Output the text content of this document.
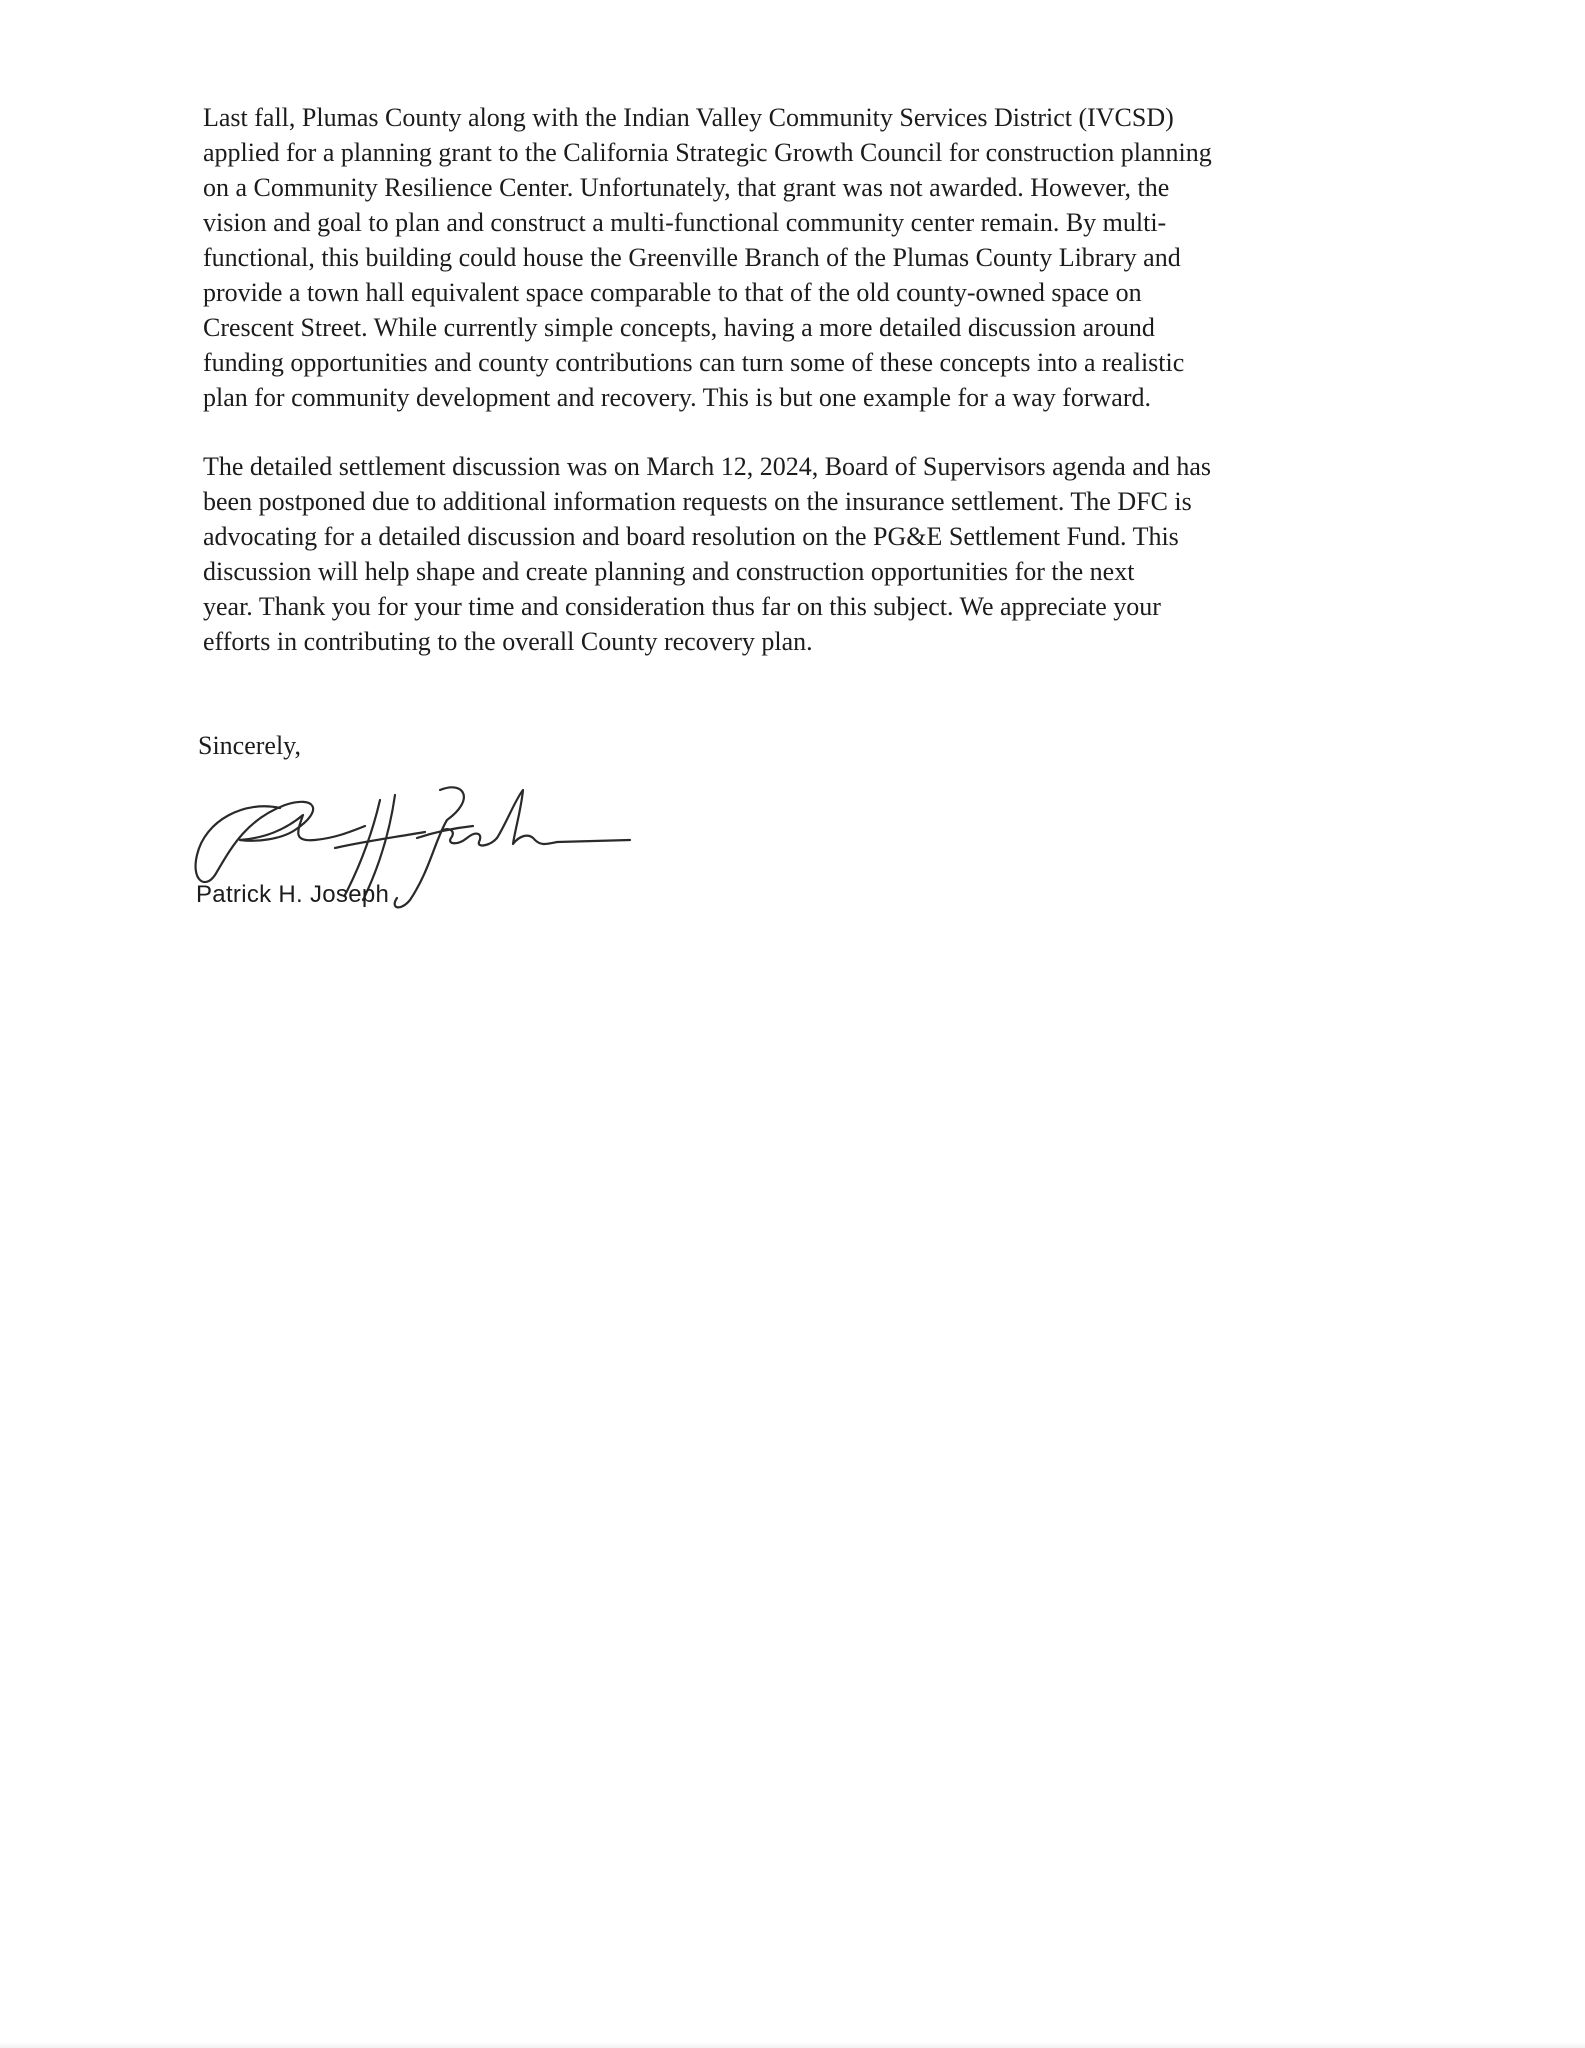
Last fall, Plumas County along with the Indian Valley Community Services District (IVCSD)
applied for a planning grant to the California Strategic Growth Council for construction planning
on a Community Resilience Center. Unfortunately, that grant was not awarded. However, the
vision and goal to plan and construct a multi-functional community center remain. By multi-
functional, this building could house the Greenville Branch of the Plumas County Library and
provide a town hall equivalent space comparable to that of the old county-owned space on
Crescent Street. While currently simple concepts, having a more detailed discussion around
funding opportunities and county contributions can turn some of these concepts into a realistic
plan for community development and recovery. This is but one example for a way forward.

The detailed settlement discussion was on March 12, 2024, Board of Supervisors agenda and has
been postponed due to additional information requests on the insurance settlement. The DFC is
advocating for a detailed discussion and board resolution on the PG&E Settlement Fund. This
discussion will help shape and create planning and construction opportunities for the next
year. Thank you for your time and consideration thus far on this subject. We appreciate your
efforts in contributing to the overall County recovery plan.

Sincerely,
Patrick H. Joseph
